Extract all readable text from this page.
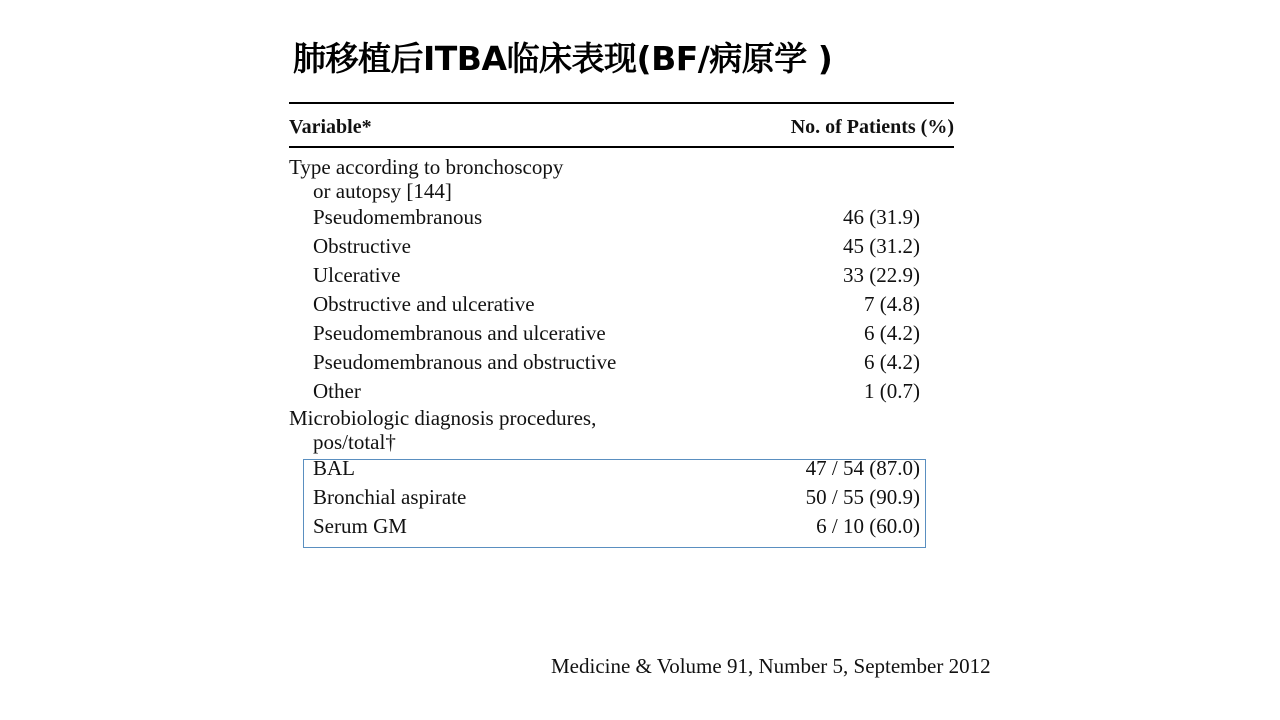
肺移植后ITBA临床表现(BF/病原学 )
Variable*	No. of Patients (%)
Type according to bronchoscopy
or autopsy [144]
Pseudomembranous	46 (31.9)
Obstructive	45 (31.2)
Ulcerative	33 (22.9)
Obstructive and ulcerative	7 (4.8)
Pseudomembranous and ulcerative	6 (4.2)
Pseudomembranous and obstructive	6 (4.2)
Other	1 (0.7)
Microbiologic diagnosis procedures,
pos/total†
BAL	47 / 54 (87.0)
Bronchial aspirate	50 / 55 (90.9)
Serum GM	6 / 10 (60.0)
Medicine & Volume 91, Number 5, September 2012
